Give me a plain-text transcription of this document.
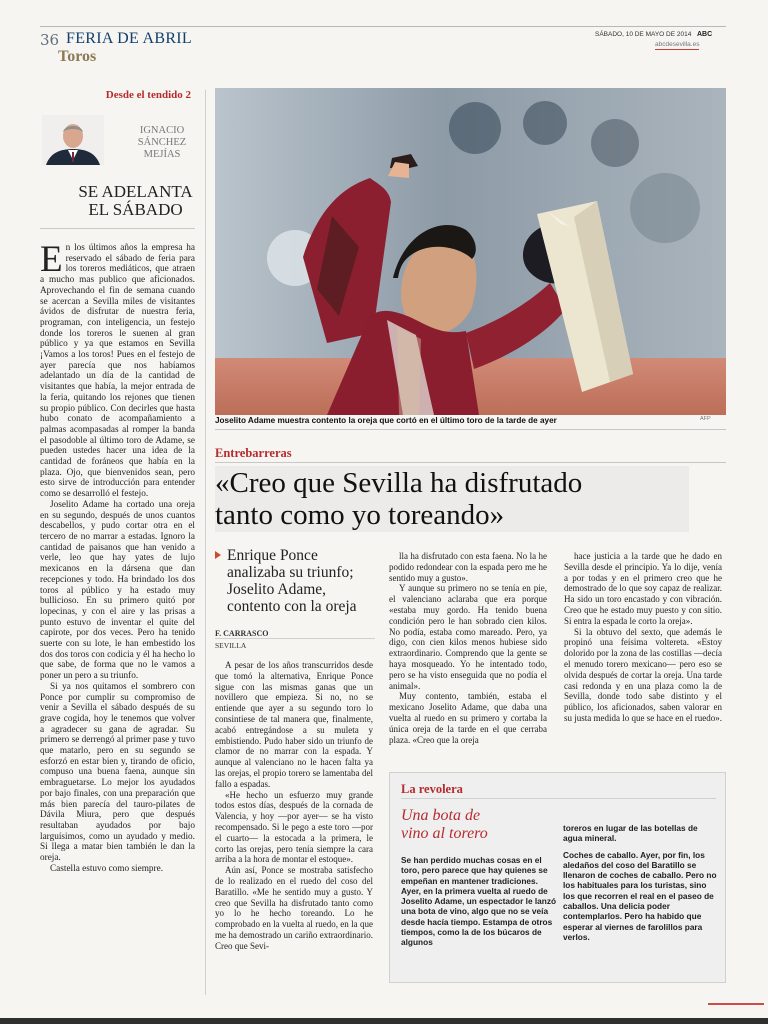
36 FERIA DE ABRIL
Toros
SÁBADO, 10 DE MAYO DE 2014 ABC
abcdesevilla.es
Desde el tendido 2
IGNACIO
SÁNCHEZ
MEJÍAS
SE ADELANTA
EL SÁBADO

En los últimos años la empresa ha reservado el sábado de feria para los toreros mediáticos, que atraen a mucho mas publico que aficionados. Aprovechando el fin de semana cuando se acercan a Sevilla miles de visitantes ávidos de disfrutar de nuestra feria, programan, con inteligencia, un festejo donde los toreros le suenen al gran público y ya que estamos en Sevilla ¡Vamos a los toros! Pues en el festejo de ayer parecía que nos habíamos adelantado un día de la cantidad de visitantes que había, la mejor entrada de la feria, quitando los rejones que tienen su propio público. Con decirles que hasta hubo conato de acompañamiento a palmas acompasadas al romper la banda el pasodoble al último toro de Adame, se pueden ustedes hacer una idea de la cantidad de foráneos que había en la plaza. Ojo, que bienvenidos sean, pero esto sirve de introducción para entender como se desarrolló el festejo.

Joselito Adame ha cortado una oreja en su segundo, después de unos cuantos descabellos, y pudo cortar otra en el tercero de no marrar a estadas. Ignoro la cantidad de paisanos que han venido a verle, leo que hay yates de lujo mexicanos en la dársena que dan recepciones y todo. Ha brindado los dos toros al público y ha estado muy bullicioso. En su primero quitó por lopecinas, y con el aire y las prisas a punto estuvo de inventar el quite del capirote, por dos veces. Pero ha tenido suerte con su lote, le han embestido los dos dos toros con codicia y él ha hecho lo que sabe, de forma que no le vamos a poner un pero a su triunfo.

Si ya nos quitamos el sombrero con Ponce por cumplir su compromiso de venir a Sevilla el sábado después de su grave cogida, hoy le tenemos que volver a agradecer su gana de agradar. Su primero se derrengó al primer pase y tuvo que matarlo, pero en su segundo se esforzó en estar bien y, tirando de oficio, compuso una buena faena, aunque sin embraguetarse. Lo mejor los ayudados por bajo finales, con una preparación que más bien parecía del tauro-pilates de Dávila Miura, pero que después resultaban ayudados por bajo larguísimos, como un ayudado y medio. Si llega a matar bien también le dan la oreja.

Castella estuvo como siempre.

Joselito Adame muestra contento la oreja que cortó en el último toro de la tarde de ayer	AFP
Entrebarreras
«Creo que Sevilla ha disfrutado
tanto como yo toreando»
Enrique Ponce analizaba su triunfo; Joselito Adame, contento con la oreja
F. CARRASCO
SEVILLA

A pesar de los años transcurridos desde que tomó la alternativa, Enrique Ponce sigue con las mismas ganas que un novillero que empieza. Si no, no se entiende que ayer a su segundo toro lo consintiese de tal manera que, finalmente, acabó entregándose a su muleta y embistiendo. Pudo haber sido un triunfo de clamor de no marrar con la espada. Y aunque al valenciano no le hacen falta ya las orejas, el propio torero se lamentaba del fallo a espadas.

«He hecho un esfuerzo muy grande todos estos días, después de la cornada de Valencia, y hoy —por ayer— se ha visto recompensado. Si le pego a este toro —por el cuarto— la estocada a la primera, le corto las orejas, pero tenía siempre la cara arriba a la hora de montar el estoque».

Aún así, Ponce se mostraba satisfecho de lo realizado en el ruedo del coso del Baratillo. «Me he sentido muy a gusto. Y creo que Sevilla ha disfrutado tanto como yo lo he hecho toreando. Lo he comprobado en la vuelta al ruedo, en la que me ha demostrado un cariño extraordinario. Creo que Sevi-

lla ha disfrutado con esta faena. No la he podido redondear con la espada pero me he sentido muy a gusto».

Y aunque su primero no se tenía en pie, el valenciano aclaraba que era porque «estaba muy gordo. Ha tenido buena condición pero le han sobrado cien kilos. No podía, estaba como mareado. Pero, ya digo, con cien kilos menos hubiese sido extraordinario. Comprendo que la gente se haya mosqueado. Yo he intentado todo, pero se ha visto enseguida que no podía el animal».

Muy contento, también, estaba el mexicano Joselito Adame, que daba una vuelta al ruedo en su primero y cortaba la única oreja de la tarde en el que cerraba plaza. «Creo que la oreja

hace justicia a la tarde que he dado en Sevilla desde el principio. Ya lo dije, venía a por todas y en el primero creo que he demostrado de lo que soy capaz de realizar. Ha sido un toro encastado y con vibración. Creo que he estado muy puesto y con sitio. Si entra la espada le corto la oreja».

Si la obtuvo del sexto, que además le propinó una feísima voltereta. «Estoy dolorido por la zona de las costillas —decía el menudo torero mexicano— pero eso se olvida después de cortar la oreja. Una tarde casi redonda y en una plaza como la de Sevilla, donde todo sabe distinto y el público, los aficionados, saben valorar en su justa medida lo que se hace en el ruedo».

La revolera
Una bota de vino al torero

Se han perdido muchas cosas en el toro, pero parece que hay quienes se empeñan en mantener tradiciones. Ayer, en la primera vuelta al ruedo de Joselito Adame, un espectador le lanzó una bota de vino, algo que no se veía desde hacía tiempo. Estampa de otros tiempos, como la de los búcaros de algunos

toreros en lugar de las botellas de agua mineral.

Coches de caballo. Ayer, por fin, los aledaños del coso del Baratillo se llenaron de coches de caballo. Pero no los habituales para los turistas, sino los que recorren el real en el paseo de caballos. Una delicia poder contemplarlos. Pero ha habido que esperar al viernes de farolillos para verlos.
